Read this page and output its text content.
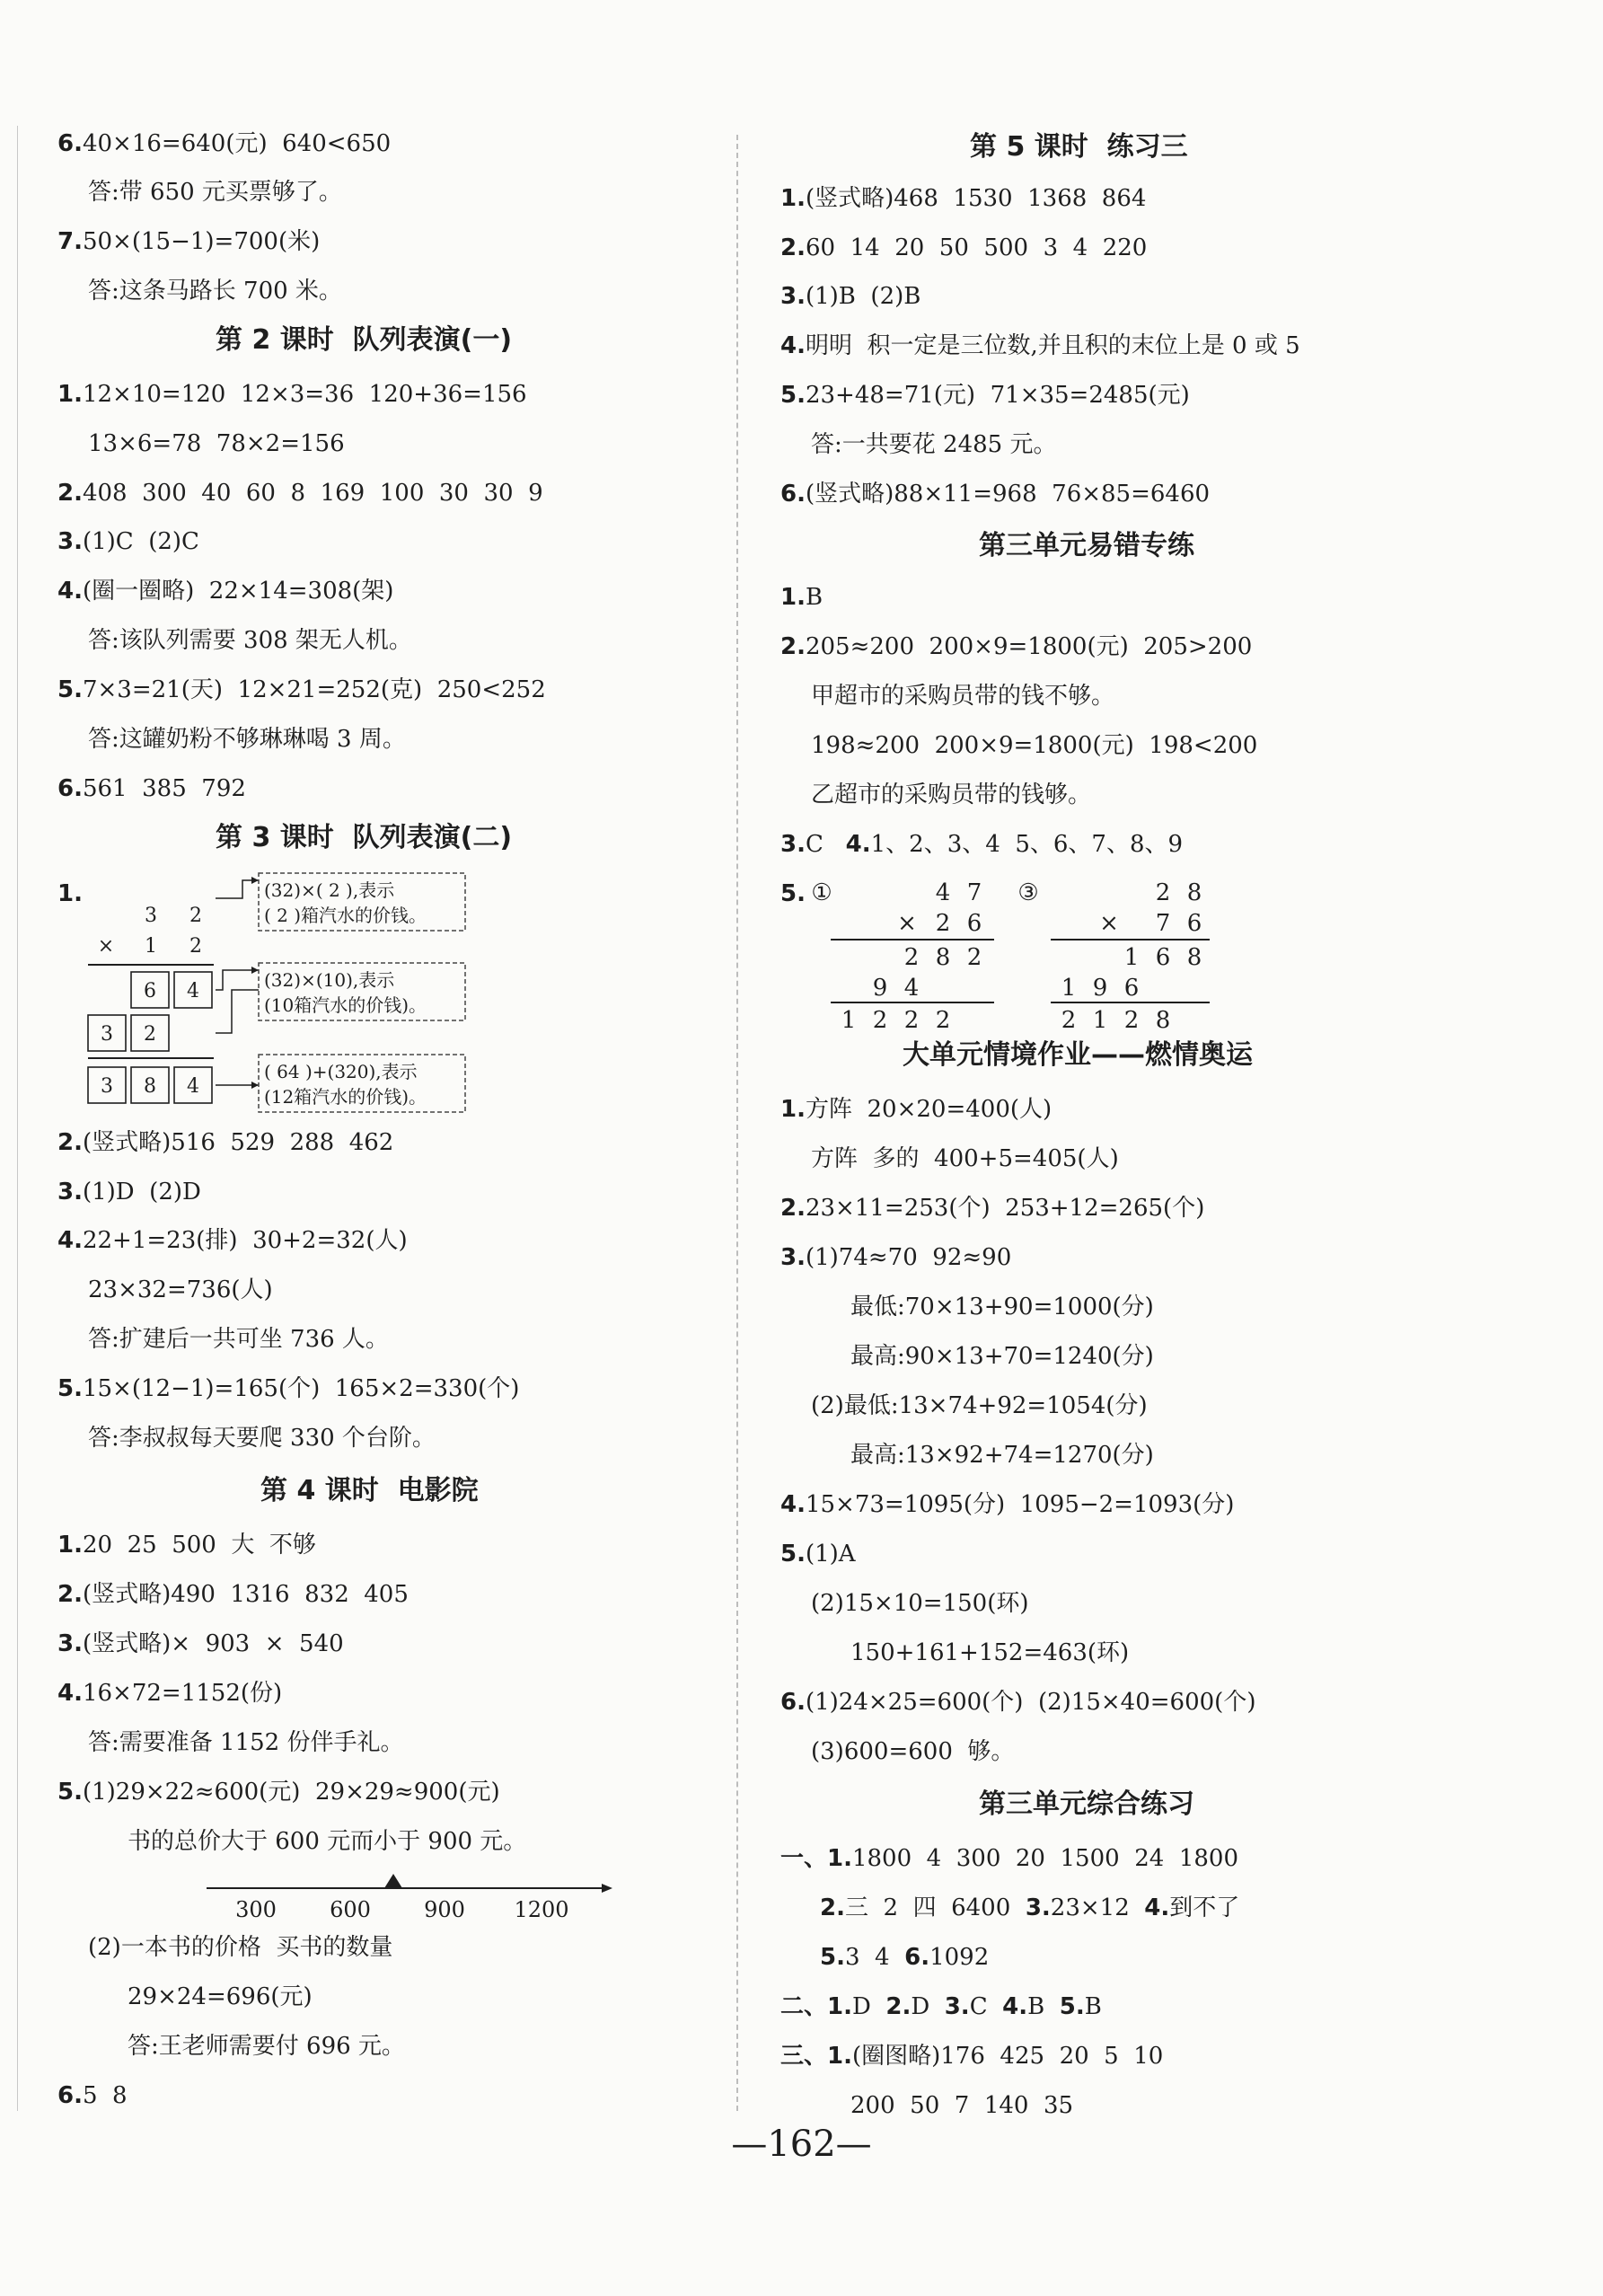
6.40×16=640(元)  640<650
答:带 650 元买票够了。
7.50×(15−1)=700(米)
答:这条马路长 700 米。
第 2 课时  队列表演(一)
1.12×10=120  12×3=36  120+36=156
13×6=78  78×2=156
2.408  300  40  60  8  169  100  30  30  9
3.(1)C  (2)C
4.(圈一圈略)  22×14=308(架)
答:该队列需要 308 架无人机。
5.7×3=21(天)  12×21=252(克)  250<252
答:这罐奶粉不够琳琳喝 3 周。
6.561  385  792
第 3 课时  队列表演(二)
1.
3 2
× 1 2
6 4
3 2
3 8 4
(32)×( 2 ),表示
( 2 )箱汽水的价钱。
(32)×(10),表示
(10箱汽水的价钱)。
( 64 )+(320),表示
(12箱汽水的价钱)。
2.(竖式略)516  529  288  462
3.(1)D  (2)D
4.22+1=23(排)  30+2=32(人)
23×32=736(人)
答:扩建后一共可坐 736 人。
5.15×(12−1)=165(个)  165×2=330(个)
答:李叔叔每天要爬 330 个台阶。
第 4 课时  电影院
1.20  25  500  大  不够
2.(竖式略)490  1316  832  405
3.(竖式略)×  903  ×  540
4.16×72=1152(份)
答:需要准备 1152 份伴手礼。
5.(1)29×22≈600(元)  29×29≈900(元)
书的总价大于 600 元而小于 900 元。
300 600 900 1200
(2)一本书的价格  买书的数量
29×24=696(元)
答:王老师需要付 696 元。
6.5  8
第 5 课时  练习三
1.(竖式略)468  1530  1368  864
2.60  14  20  50  500  3  4  220
3.(1)B  (2)B
4.明明  积一定是三位数,并且积的末位上是 0 或 5
5.23+48=71(元)  71×35=2485(元)
答:一共要花 2485 元。
6.(竖式略)88×11=968  76×85=6460
第三单元易错专练
1.B
2.205≈200  200×9=1800(元)  205>200
甲超市的采购员带的钱不够。
198≈200  200×9=1800(元)  198<200
乙超市的采购员带的钱够。
3.C 4.1、2、3、4  5、6、7、8、9
5. ①	③
4 7
× 2 6
2 8 2
9 4
1 2 2 2
2 8
× 7 6
1 6 8
1 9 6
2 1 2 8
大单元情境作业——燃情奥运
1.方阵  20×20=400(人)
方阵  多的  400+5=405(人)
2.23×11=253(个)  253+12=265(个)
3.(1)74≈70  92≈90
最低:70×13+90=1000(分)
最高:90×13+70=1240(分)
(2)最低:13×74+92=1054(分)
最高:13×92+74=1270(分)
4.15×73=1095(分)  1095−2=1093(分)
5.(1)A
(2)15×10=150(环)
150+161+152=463(环)
6.(1)24×25=600(个)  (2)15×40=600(个)
(3)600=600  够。
第三单元综合练习
一、1.1800  4  300  20  1500  24  1800
2.三  2  四  6400 3.23×12 4.到不了
5.3  4 6.1092
二、1.D 2.D 3.C 4.B 5.B
三、1.(圈图略)176  425  20  5  10
200  50  7  140  35
—162—
